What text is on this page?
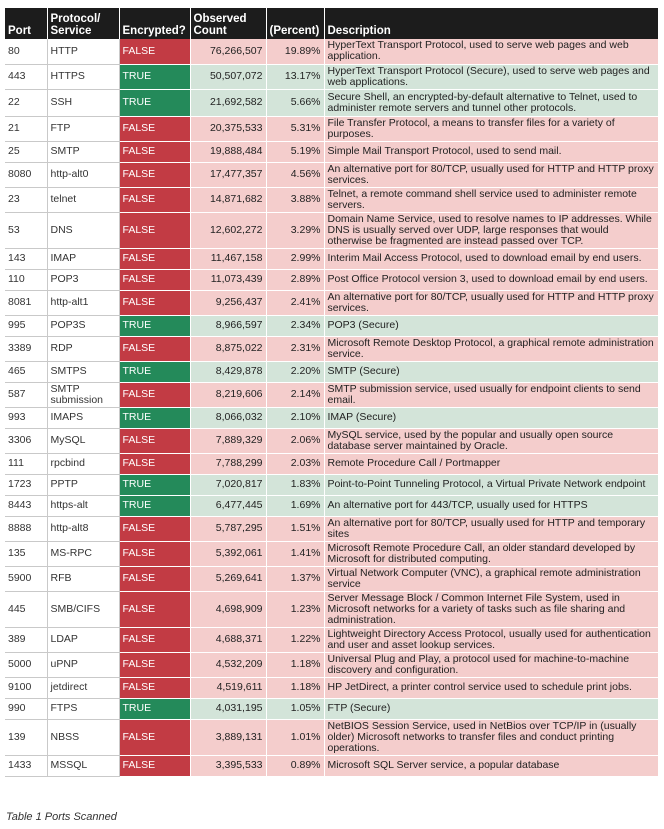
Port	Protocol/ Service	Encrypted?	Observed Count	(Percent)	Description
80	HTTP	FALSE	76,266,507	19.89%	HyperText Transport Protocol, used to serve web pages and web application.
443	HTTPS	TRUE	50,507,072	13.17%	HyperText Transport Protocol (Secure), used to serve web pages and web applications.
22	SSH	TRUE	21,692,582	5.66%	Secure Shell, an encrypted-by-default alternative to Telnet, used to administer remote servers and tunnel other protocols.
21	FTP	FALSE	20,375,533	5.31%	File Transfer Protocol, a means to transfer files for a variety of purposes.
25	SMTP	FALSE	19,888,484	5.19%	Simple Mail Transport Protocol, used to send mail.
8080	http-alt0	FALSE	17,477,357	4.56%	An alternative port for 80/TCP, usually used for HTTP and HTTP proxy services.
23	telnet	FALSE	14,871,682	3.88%	Telnet, a remote command shell service used to administer remote servers.
53	DNS	FALSE	12,602,272	3.29%	Domain Name Service, used to resolve names to IP addresses. While DNS is usually served over UDP, large responses that would otherwise be fragmented are instead passed over TCP.
143	IMAP	FALSE	11,467,158	2.99%	Interim Mail Access Protocol, used to download email by end users.
110	POP3	FALSE	11,073,439	2.89%	Post Office Protocol version 3, used to download email by end users.
8081	http-alt1	FALSE	9,256,437	2.41%	An alternative port for 80/TCP, usually used for HTTP and HTTP proxy services.
995	POP3S	TRUE	8,966,597	2.34%	POP3 (Secure)
3389	RDP	FALSE	8,875,022	2.31%	Microsoft Remote Desktop Protocol, a graphical remote administration service.
465	SMTPS	TRUE	8,429,878	2.20%	SMTP (Secure)
587	SMTP submission	FALSE	8,219,606	2.14%	SMTP submission service, used usually for endpoint clients to send email.
993	IMAPS	TRUE	8,066,032	2.10%	IMAP (Secure)
3306	MySQL	FALSE	7,889,329	2.06%	MySQL service, used by the popular and usually open source database server maintained by Oracle.
111	rpcbind	FALSE	7,788,299	2.03%	Remote Procedure Call / Portmapper
1723	PPTP	TRUE	7,020,817	1.83%	Point-to-Point Tunneling Protocol, a Virtual Private Network endpoint
8443	https-alt	TRUE	6,477,445	1.69%	An alternative port for 443/TCP, usually used for HTTPS
8888	http-alt8	FALSE	5,787,295	1.51%	An alternative port for 80/TCP, usually used for HTTP and temporary sites
135	MS-RPC	FALSE	5,392,061	1.41%	Microsoft Remote Procedure Call, an older standard developed by Microsoft for distributed computing.
5900	RFB	FALSE	5,269,641	1.37%	Virtual Network Computer (VNC), a graphical remote administration service
445	SMB/CIFS	FALSE	4,698,909	1.23%	Server Message Block / Common Internet File System, used in Microsoft networks for a variety of tasks such as file sharing and administration.
389	LDAP	FALSE	4,688,371	1.22%	Lightweight Directory Access Protocol, usually used for authentication and user and asset lookup services.
5000	uPNP	FALSE	4,532,209	1.18%	Universal Plug and Play, a protocol used for machine-to-machine discovery and configuration.
9100	jetdirect	FALSE	4,519,611	1.18%	HP JetDirect, a printer control service used to schedule print jobs.
990	FTPS	TRUE	4,031,195	1.05%	FTP (Secure)
139	NBSS	FALSE	3,889,131	1.01%	NetBIOS Session Service, used in NetBios over TCP/IP in (usually older) Microsoft networks to transfer files and conduct printing operations.
1433	MSSQL	FALSE	3,395,533	0.89%	Microsoft SQL Server service, a popular database
Table 1 Ports Scanned
